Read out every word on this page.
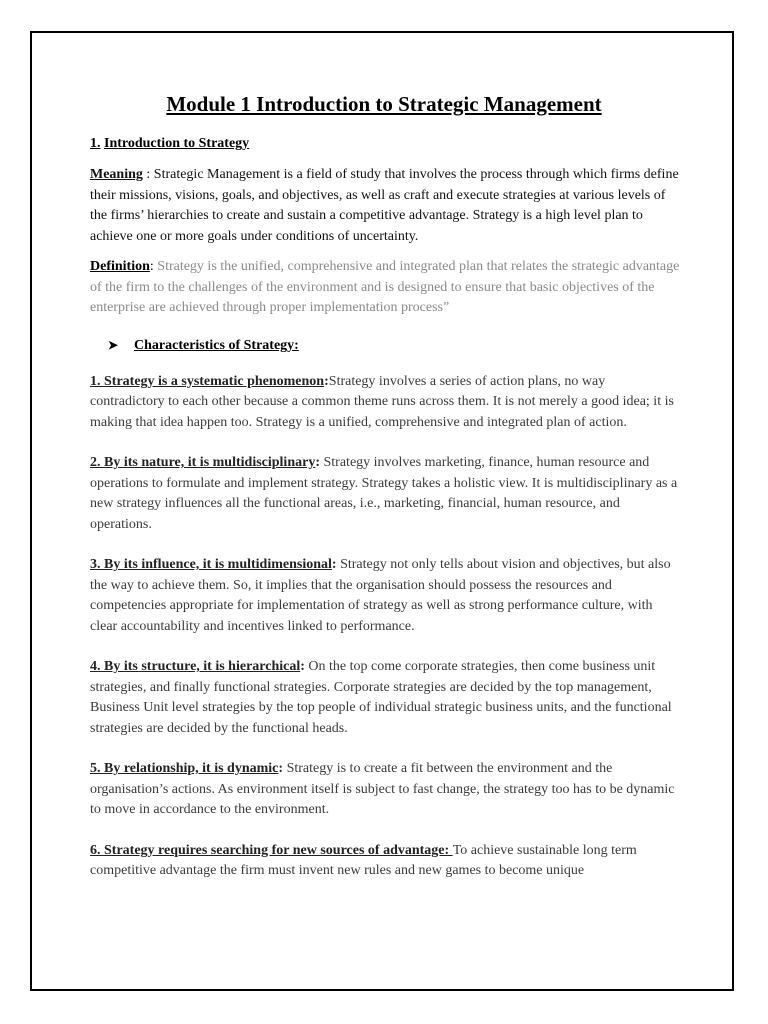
Module 1 Introduction to Strategic Management
1. Introduction to Strategy

Meaning : Strategic Management is a field of study that involves the process through which firms define their missions, visions, goals, and objectives, as well as craft and execute strategies at various levels of the firms’ hierarchies to create and sustain a competitive advantage. Strategy is a high level plan to achieve one or more goals under conditions of uncertainty.

Definition: Strategy is the unified, comprehensive and integrated plan that relates the strategic advantage of the firm to the challenges of the environment and is designed to ensure that basic objectives of the enterprise are achieved through proper implementation process”

➤ Characteristics of Strategy:

1. Strategy is a systematic phenomenon:Strategy involves a series of action plans, no way contradictory to each other because a common theme runs across them. It is not merely a good idea; it is making that idea happen too. Strategy is a unified, comprehensive and integrated plan of action.

2. By its nature, it is multidisciplinary: Strategy involves marketing, finance, human resource and operations to formulate and implement strategy. Strategy takes a holistic view. It is multidisciplinary as a new strategy influences all the functional areas, i.e., marketing, financial, human resource, and operations.

3. By its influence, it is multidimensional: Strategy not only tells about vision and objectives, but also the way to achieve them. So, it implies that the organisation should possess the resources and competencies appropriate for implementation of strategy as well as strong performance culture, with clear accountability and incentives linked to performance.

4. By its structure, it is hierarchical: On the top come corporate strategies, then come business unit strategies, and finally functional strategies. Corporate strategies are decided by the top management, Business Unit level strategies by the top people of individual strategic business units, and the functional strategies are decided by the functional heads.

5. By relationship, it is dynamic: Strategy is to create a fit between the environment and the organisation’s actions. As environment itself is subject to fast change, the strategy too has to be dynamic to move in accordance to the environment.

6. Strategy requires searching for new sources of advantage: To achieve sustainable long term competitive advantage the firm must invent new rules and new games to become unique
